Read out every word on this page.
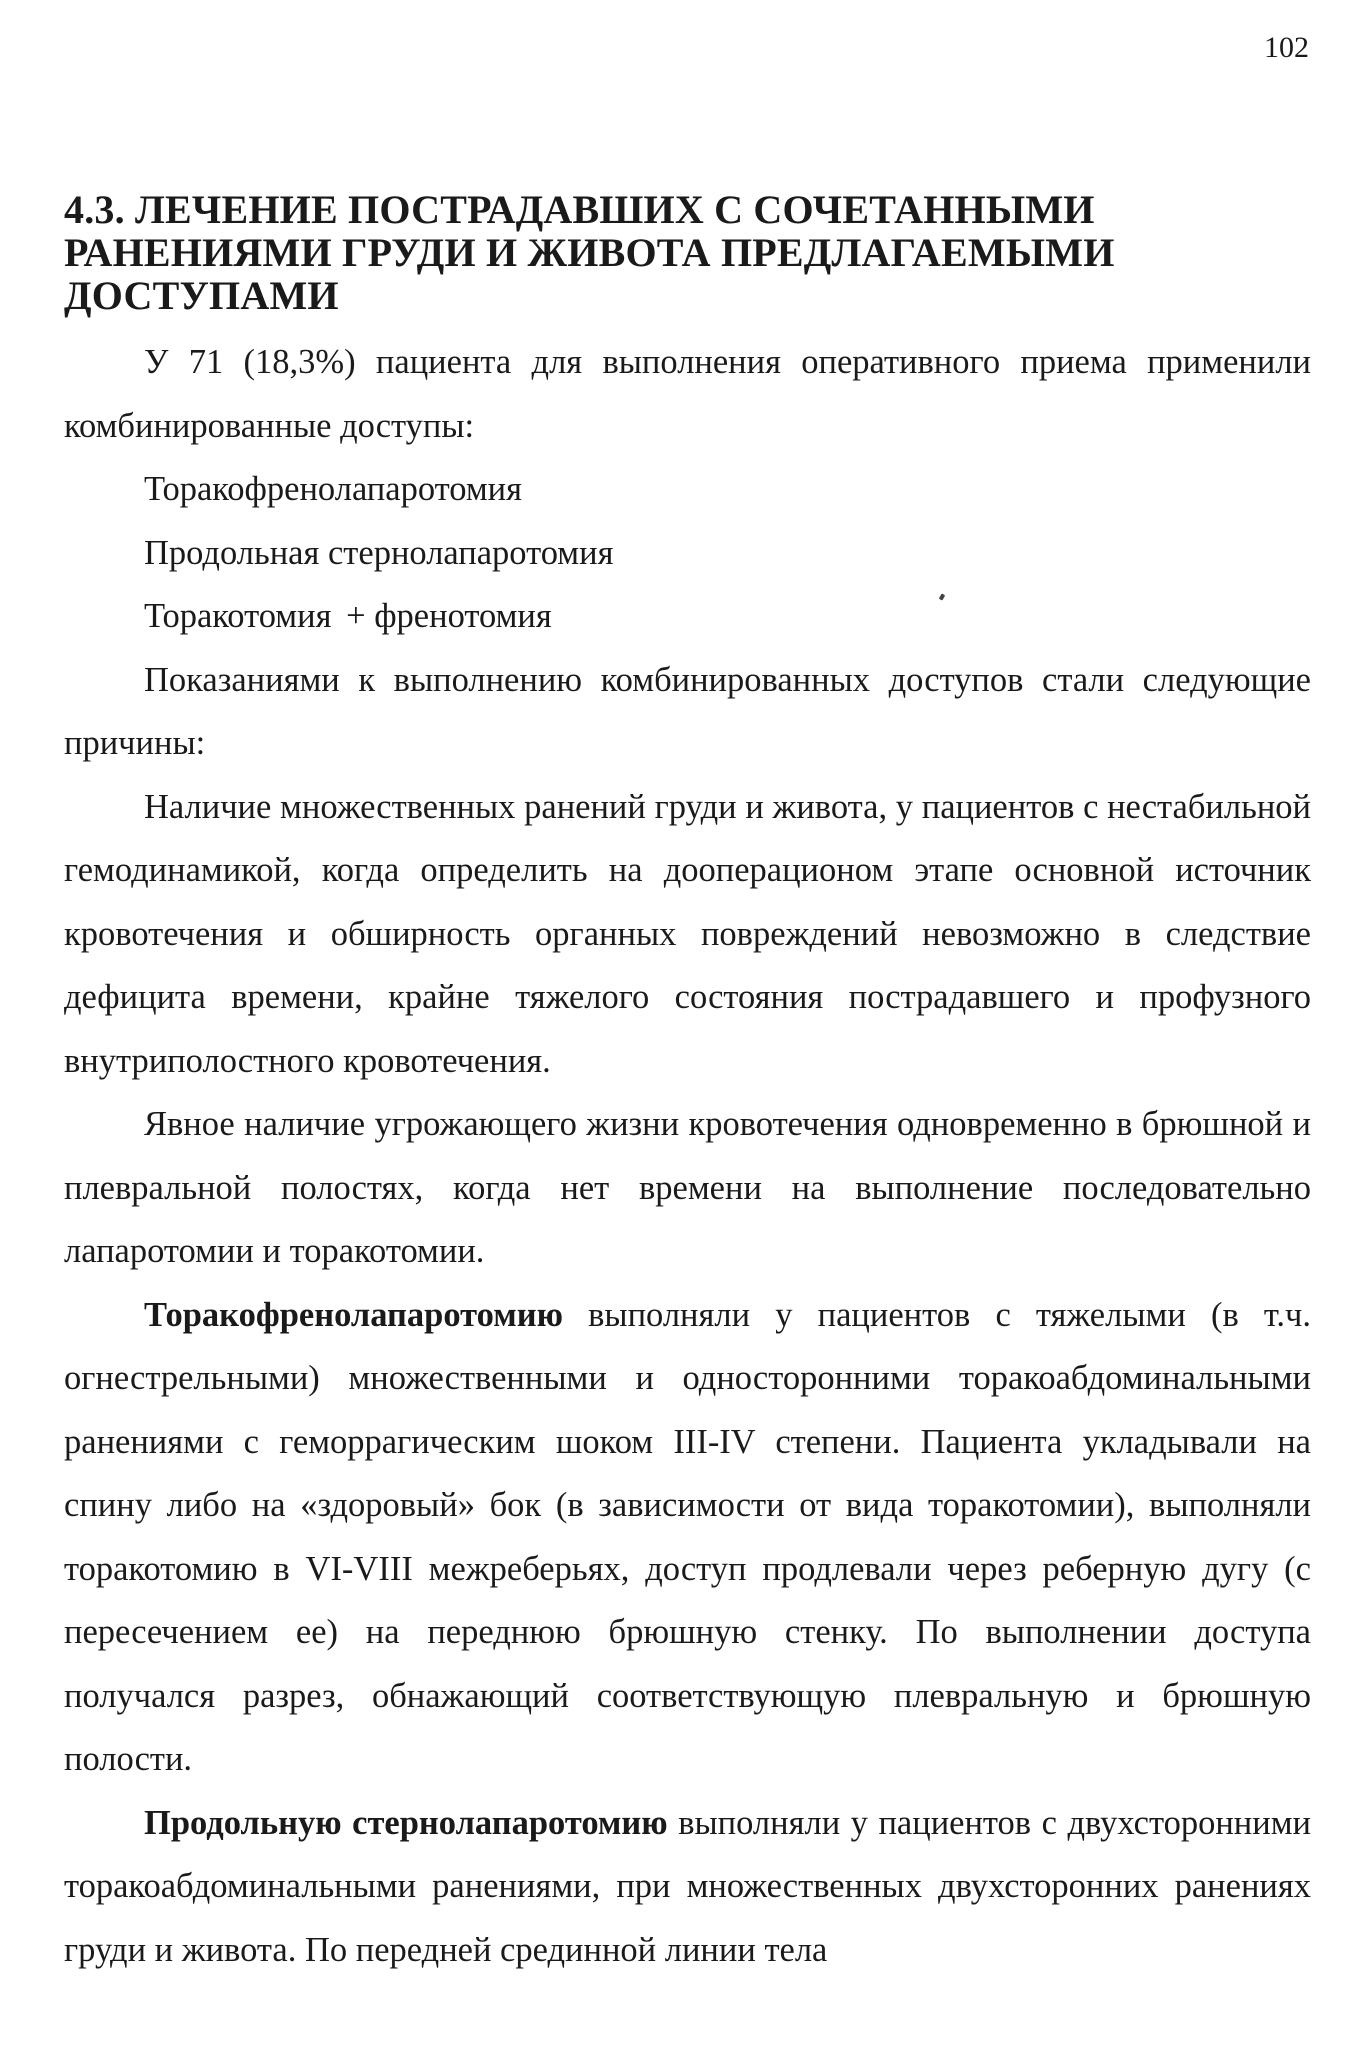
102
4.3. ЛЕЧЕНИЕ ПОСТРАДАВШИХ С СОЧЕТАННЫМИ
РАНЕНИЯМИ ГРУДИ И ЖИВОТА ПРЕДЛАГАЕМЫМИ
ДОСТУПАМИ

У 71 (18,3%) пациента для выполнения оперативного приема применили комбинированные доступы:

Торакофренолапаротомия
Продольная стернолапаротомия
Торакотомия + френотомия

Показаниями к выполнению комбинированных доступов стали следующие причины:

Наличие множественных ранений груди и живота, у пациентов с нестабильной гемодинамикой, когда определить на дооперационом этапе основной источник кровотечения и обширность органных повреждений невозможно в следствие дефицита времени, крайне тяжелого состояния пострадавшего и профузного внутриполостного кровотечения.

Явное наличие угрожающего жизни кровотечения одновременно в брюшной и плевральной полостях, когда нет времени на выполнение последовательно лапаротомии и торакотомии.

Торакофренолапаротомию выполняли у пациентов с тяжелыми (в т.ч. огнестрельными) множественными и односторонними торакоабдоминальными ранениями с геморрагическим шоком III-IV степени. Пациента укладывали на спину либо на «здоровый» бок (в зависимости от вида торакотомии), выполняли торакотомию в VI-VIII межреберьях, доступ продлевали через реберную дугу (с пересечением ее) на переднюю брюшную стенку. По выполнении доступа получался разрез, обнажающий соответствующую плевральную и брюшную полости.

Продольную стернолапаротомию выполняли у пациентов с двухсторонними торакоабдоминальными ранениями, при множественных двухсторонних ранениях груди и живота. По передней срединной линии тела
